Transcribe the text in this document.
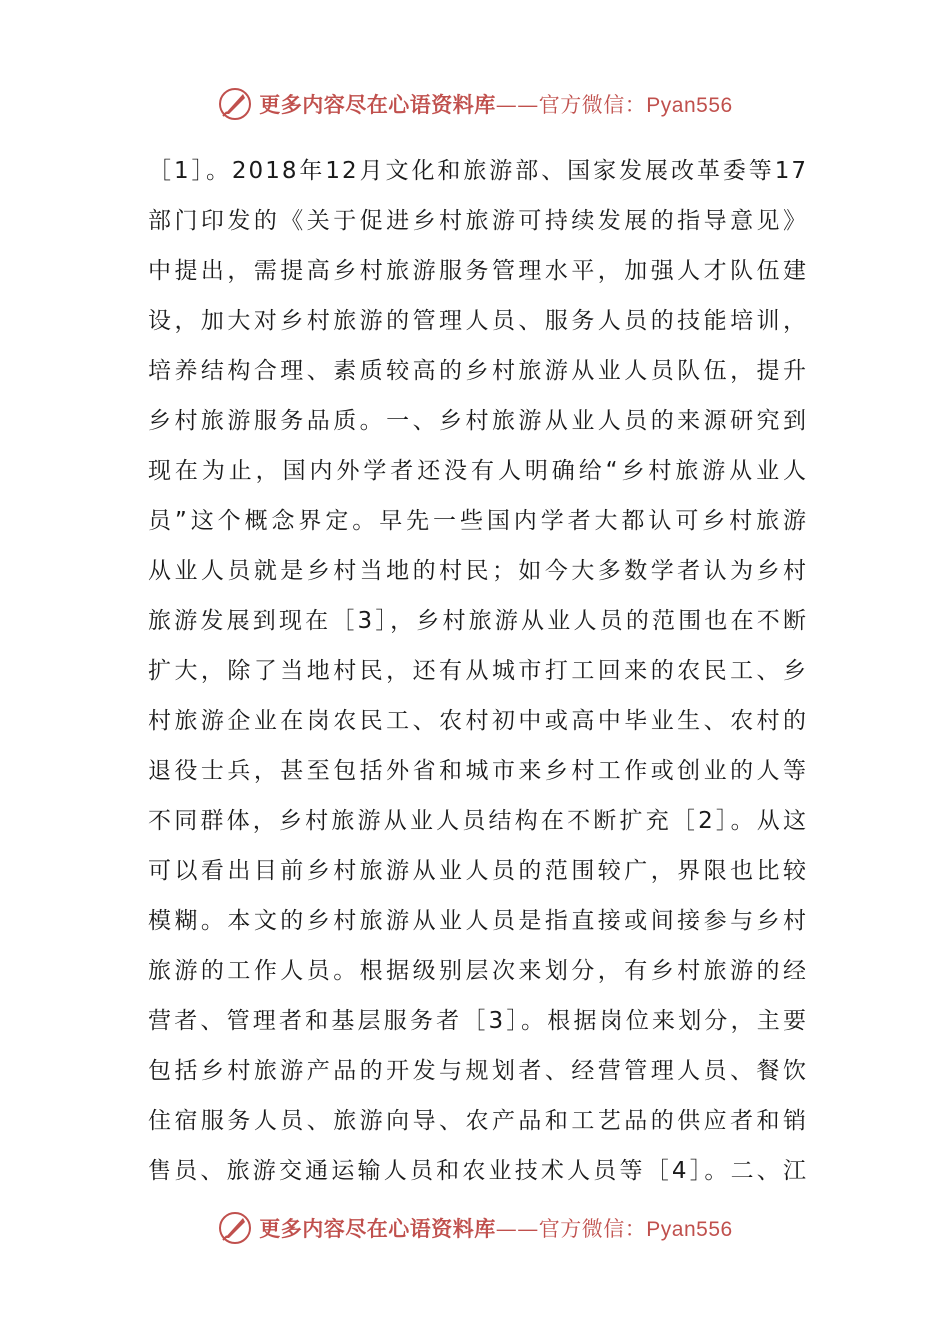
更多内容尽在心语资料库——官方微信：Pyan556
［1］。2018年12月文化和旅游部、国家发展改革委等17
部门印发的《关于促进乡村旅游可持续发展的指导意见》
中提出，需提高乡村旅游服务管理水平，加强人才队伍建
设，加大对乡村旅游的管理人员、服务人员的技能培训，
培养结构合理、素质较高的乡村旅游从业人员队伍，提升
乡村旅游服务品质。一、乡村旅游从业人员的来源研究到
现在为止，国内外学者还没有人明确给“乡村旅游从业人
员”这个概念界定。早先一些国内学者大都认可乡村旅游
从业人员就是乡村当地的村民；如今大多数学者认为乡村
旅游发展到现在［3］，乡村旅游从业人员的范围也在不断
扩大，除了当地村民，还有从城市打工回来的农民工、乡
村旅游企业在岗农民工、农村初中或高中毕业生、农村的
退役士兵，甚至包括外省和城市来乡村工作或创业的人等
不同群体，乡村旅游从业人员结构在不断扩充［2］。从这
可以看出目前乡村旅游从业人员的范围较广，界限也比较
模糊。本文的乡村旅游从业人员是指直接或间接参与乡村
旅游的工作人员。根据级别层次来划分，有乡村旅游的经
营者、管理者和基层服务者［3］。根据岗位来划分，主要
包括乡村旅游产品的开发与规划者、经营管理人员、餐饮
住宿服务人员、旅游向导、农产品和工艺品的供应者和销
售员、旅游交通运输人员和农业技术人员等［4］。二、江
更多内容尽在心语资料库——官方微信：Pyan556
